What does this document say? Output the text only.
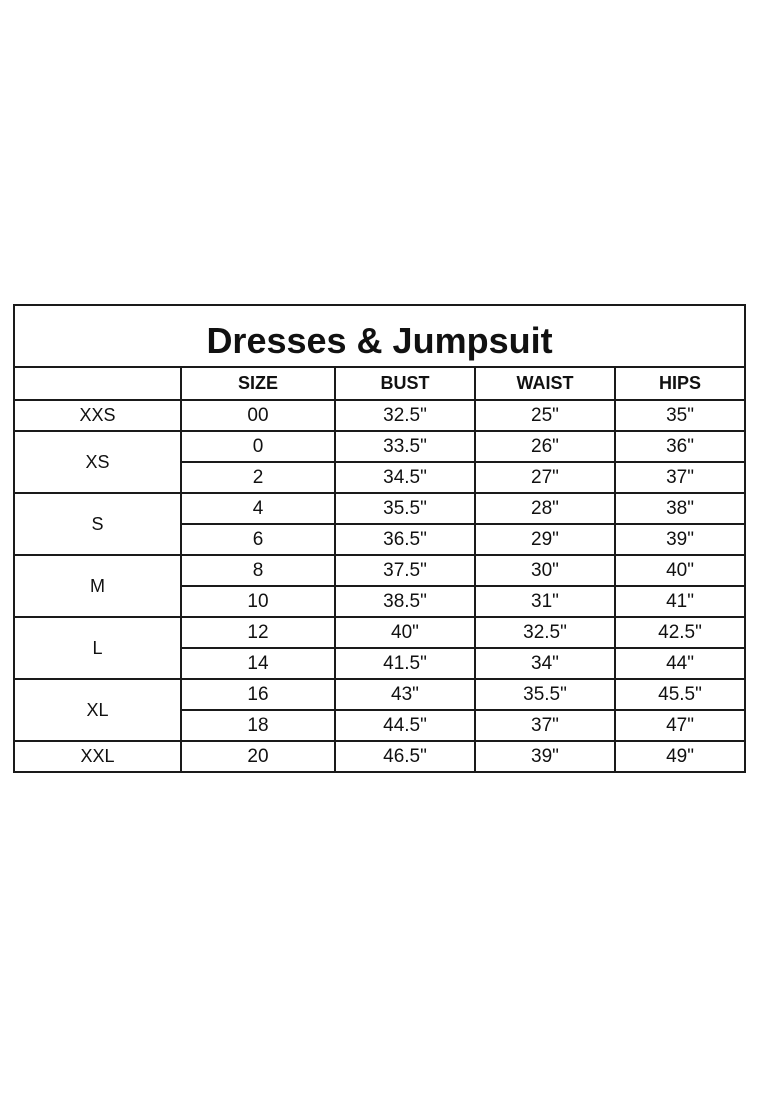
Dresses & Jumpsuit				
	SIZE	BUST	WAIST	HIPS
XXS	00	32.5"	25"	35"
XS	0	33.5"	26"	36"
	2	34.5"	27"	37"
S	4	35.5"	28"	38"
	6	36.5"	29"	39"
M	8	37.5"	30"	40"
	10	38.5"	31"	41"
L	12	40"	32.5"	42.5"
	14	41.5"	34"	44"
XL	16	43"	35.5"	45.5"
	18	44.5"	37"	47"
XXL	20	46.5"	39"	49"
